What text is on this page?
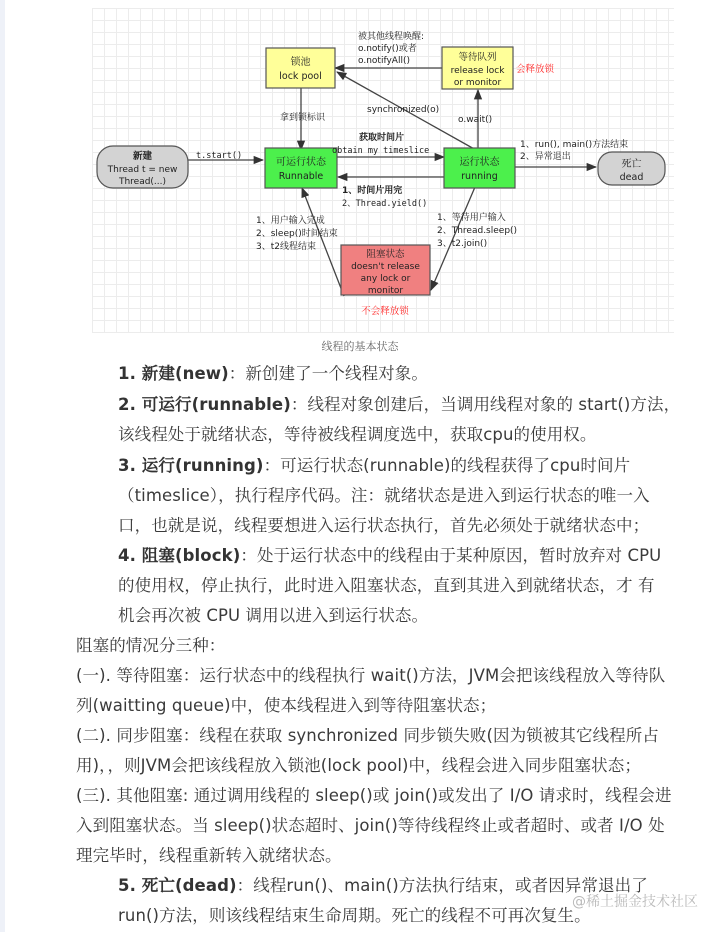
锁池
lock pool
等待队列
release lock
or monitor
新建
Thread t = new
Thread(...)
可运行状态
Runnable
运行状态
running
死亡
dead
阻塞状态
doesn't release
any lock or
monitor
被其他线程唤醒:
o.notify()或者
o.notifyAll()
会释放锁
拿到锁标识
synchronized(o)
o.wait()
获取时间片
obtain my timeslice
t.start()
1、时间片用完
2、Thread.yield()
1、run(), main()方法结束
2、异常退出
1、用户输入完成
2、sleep()时间结束
3、t2线程结束
1、等待用户输入
2、Thread.sleep()
3、t2.join()
不会释放锁
线程的基本状态
1. 新建(new)：新创建了一个线程对象。
2. 可运行(runnable)：线程对象创建后，当调用线程对象的 start()方法，
该线程处于就绪状态，等待被线程调度选中，获取cpu的使用权。
3. 运行(running)：可运行状态(runnable)的线程获得了cpu时间片
（timeslice），执行程序代码。注：就绪状态是进入到运行状态的唯一入
口，也就是说，线程要想进入运行状态执行，首先必须处于就绪状态中；
4. 阻塞(block)：处于运行状态中的线程由于某种原因，暂时放弃对 CPU
的使用权，停止执行，此时进入阻塞状态，直到其进入到就绪状态，才 有
机会再次被 CPU 调用以进入到运行状态。
阻塞的情况分三种：
(一). 等待阻塞：运行状态中的线程执行 wait()方法，JVM会把该线程放入等待队
列(waitting queue)中，使本线程进入到等待阻塞状态；
(二). 同步阻塞：线程在获取 synchronized 同步锁失败(因为锁被其它线程所占
用)，，则JVM会把该线程放入锁池(lock pool)中，线程会进入同步阻塞状态；
(三). 其他阻塞: 通过调用线程的 sleep()或 join()或发出了 I/O 请求时，线程会进
入到阻塞状态。当 sleep()状态超时、join()等待线程终止或者超时、或者 I/O 处
理完毕时，线程重新转入就绪状态。
5. 死亡(dead)：线程run()、main()方法执行结束，或者因异常退出了
run()方法，则该线程结束生命周期。死亡的线程不可再次复生。
@稀土掘金技术社区
